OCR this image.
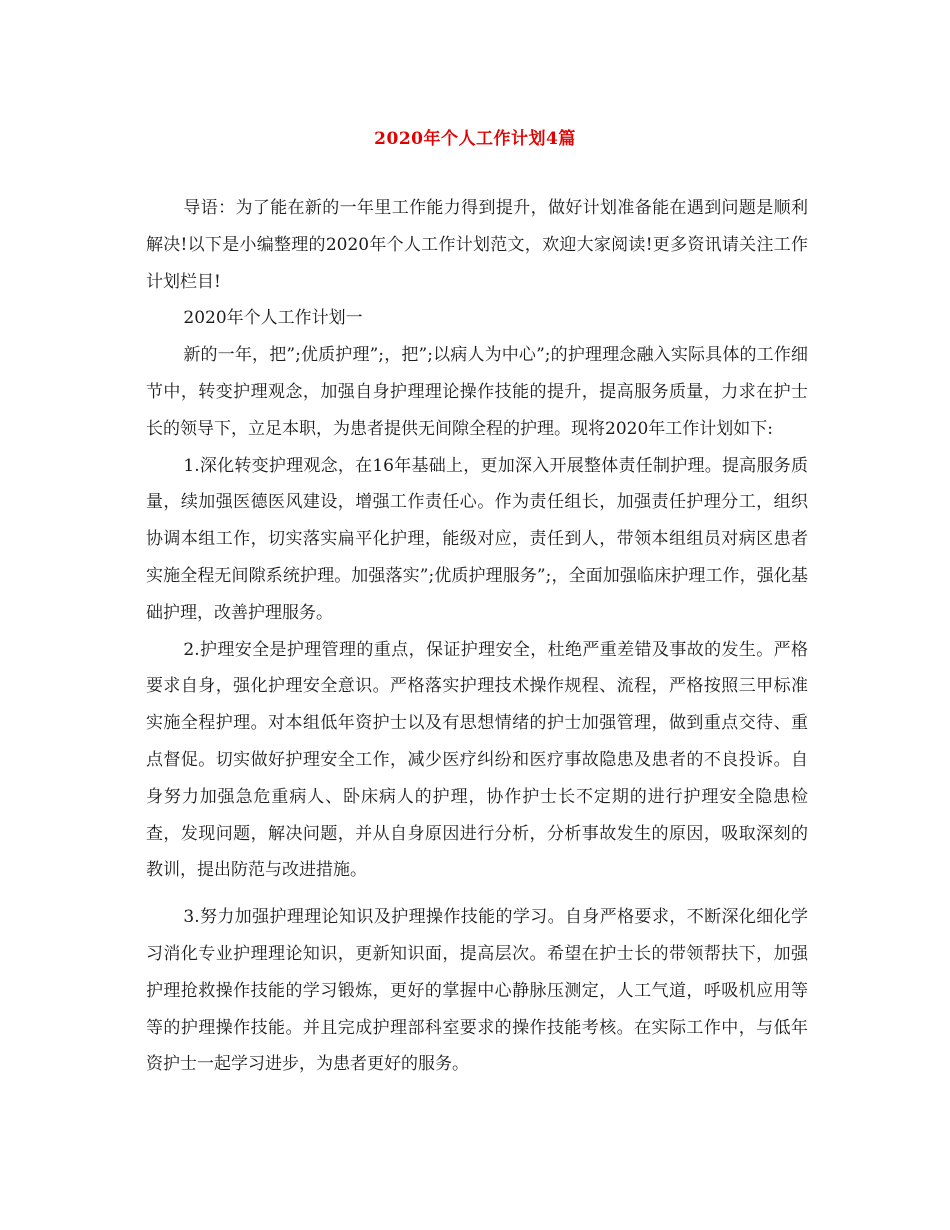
2020年个人工作计划4篇

导语：为了能在新的一年里工作能力得到提升，做好计划准备能在遇到问题是顺利解决!以下是小编整理的2020年个人工作计划范文，欢迎大家阅读!更多资讯请关注工作计划栏目!

2020年个人工作计划一

新的一年，把”;优质护理”;，把”;以病人为中心”;的护理理念融入实际具体的工作细节中，转变护理观念，加强自身护理理论操作技能的提升，提高服务质量，力求在护士长的领导下，立足本职，为患者提供无间隙全程的护理。现将2020年工作计划如下:

1.深化转变护理观念，在16年基础上，更加深入开展整体责任制护理。提高服务质量，续加强医德医风建设，增强工作责任心。作为责任组长，加强责任护理分工，组织协调本组工作，切实落实扁平化护理，能级对应，责任到人，带领本组组员对病区患者实施全程无间隙系统护理。加强落实”;优质护理服务”;，全面加强临床护理工作，强化基础护理，改善护理服务。

2.护理安全是护理管理的重点，保证护理安全，杜绝严重差错及事故的发生。严格要求自身，强化护理安全意识。严格落实护理技术操作规程、流程，严格按照三甲标准实施全程护理。对本组低年资护士以及有思想情绪的护士加强管理，做到重点交待、重点督促。切实做好护理安全工作，减少医疗纠纷和医疗事故隐患及患者的不良投诉。自身努力加强急危重病人、卧床病人的护理，协作护士长不定期的进行护理安全隐患检查，发现问题，解决问题，并从自身原因进行分析，分析事故发生的原因，吸取深刻的教训，提出防范与改进措施。

3.努力加强护理理论知识及护理操作技能的学习。自身严格要求，不断深化细化学习消化专业护理理论知识，更新知识面，提高层次。希望在护士长的带领帮扶下，加强护理抢救操作技能的学习锻炼，更好的掌握中心静脉压测定，人工气道，呼吸机应用等等的护理操作技能。并且完成护理部科室要求的操作技能考核。在实际工作中，与低年资护士一起学习进步，为患者更好的服务。
